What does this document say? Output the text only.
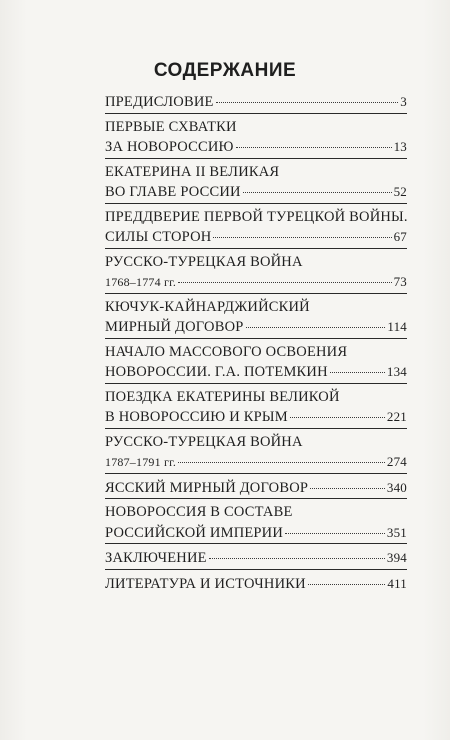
СОДЕРЖАНИЕ
ПРЕДИСЛОВИЕ	3
ПЕРВЫЕ СХВАТКИ
ЗА НОВОРОССИЮ	13
ЕКАТЕРИНА II ВЕЛИКАЯ
ВО ГЛАВЕ РОССИИ	52
ПРЕДДВЕРИЕ ПЕРВОЙ ТУРЕЦКОЙ ВОЙНЫ.
СИЛЫ СТОРОН	67
РУССКО-ТУРЕЦКАЯ ВОЙНА
1768–1774 гг.	73
КЮЧУК-КАЙНАРДЖИЙСКИЙ
МИРНЫЙ ДОГОВОР	114
НАЧАЛО МАССОВОГО ОСВОЕНИЯ
НОВОРОССИИ. Г.А. ПОТЕМКИН	134
ПОЕЗДКА ЕКАТЕРИНЫ ВЕЛИКОЙ
В НОВОРОССИЮ И КРЫМ	221
РУССКО-ТУРЕЦКАЯ ВОЙНА
1787–1791 гг.	274
ЯССКИЙ МИРНЫЙ ДОГОВОР	340
НОВОРОССИЯ В СОСТАВЕ
РОССИЙСКОЙ ИМПЕРИИ	351
ЗАКЛЮЧЕНИЕ	394
ЛИТЕРАТУРА И ИСТОЧНИКИ	411
